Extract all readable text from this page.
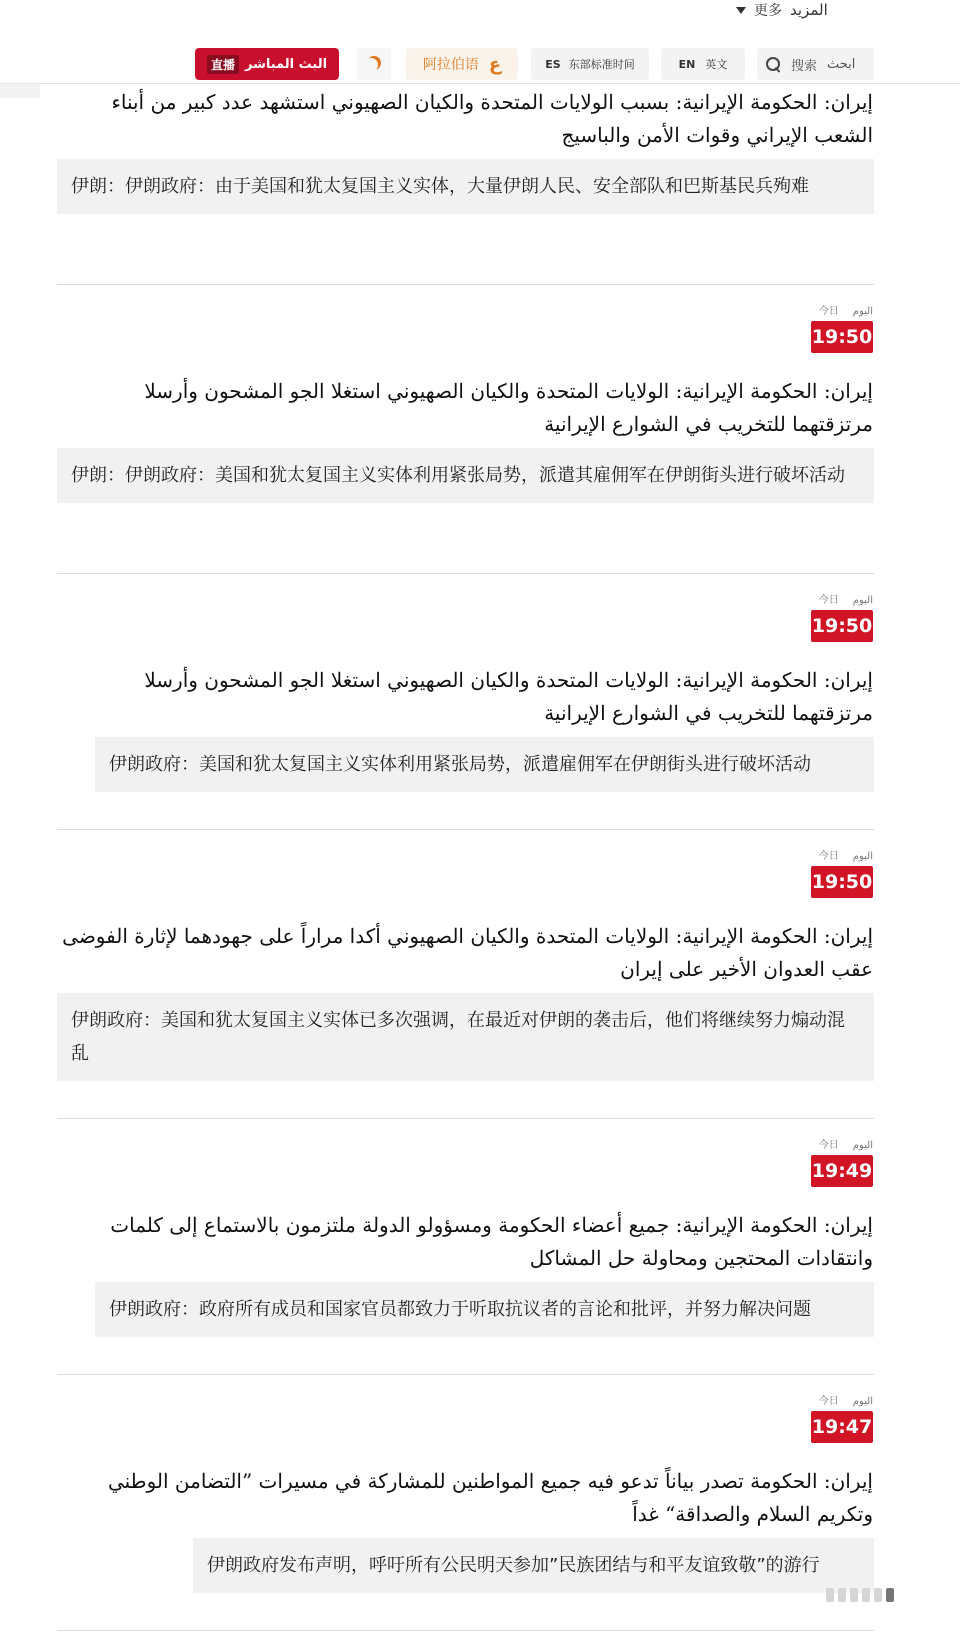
更多 المزيد
直播 البث المباشر	阿拉伯语 ع	ES 东部标准时间	EN 英文	搜索 ابحث
إيران: الحكومة الإيرانية: بسبب الولايات المتحدة والكيان الصهيوني استشهد عدد كبير من أبناء الشعب الإيراني وقوات الأمن والباسيج
伊朗：伊朗政府：由于美国和犹太复国主义实体，大量伊朗人民、安全部队和巴斯基民兵殉难
今日 اليوم
19:50
إيران: الحكومة الإيرانية: الولايات المتحدة والكيان الصهيوني استغلا الجو المشحون وأرسلا مرتزقتهما للتخريب في الشوارع الإيرانية
伊朗：伊朗政府：美国和犹太复国主义实体利用紧张局势，派遣其雇佣军在伊朗街头进行破坏活动
今日 اليوم
19:50
إيران: الحكومة الإيرانية: الولايات المتحدة والكيان الصهيوني استغلا الجو المشحون وأرسلا مرتزقتهما للتخريب في الشوارع الإيرانية
伊朗政府：美国和犹太复国主义实体利用紧张局势，派遣雇佣军在伊朗街头进行破坏活动
今日 اليوم
19:50
إيران: الحكومة الإيرانية: الولايات المتحدة والكيان الصهيوني أكدا مراراً على جهودهما لإثارة الفوضى عقب العدوان الأخير على إيران
伊朗政府：美国和犹太复国主义实体已多次强调，在最近对伊朗的袭击后，他们将继续努力煽动混乱
今日 اليوم
19:49
إيران: الحكومة الإيرانية: جميع أعضاء الحكومة ومسؤولو الدولة ملتزمون بالاستماع إلى كلمات وانتقادات المحتجين ومحاولة حل المشاكل
伊朗政府：政府所有成员和国家官员都致力于听取抗议者的言论和批评，并努力解决问题
今日 اليوم
19:47
إيران: الحكومة تصدر بياناً تدعو فيه جميع المواطنين للمشاركة في مسيرات ”التضامن الوطني وتكريم السلام والصداقة“ غداً
伊朗政府发布声明，呼吁所有公民明天参加”民族团结与和平友谊致敬”的游行
